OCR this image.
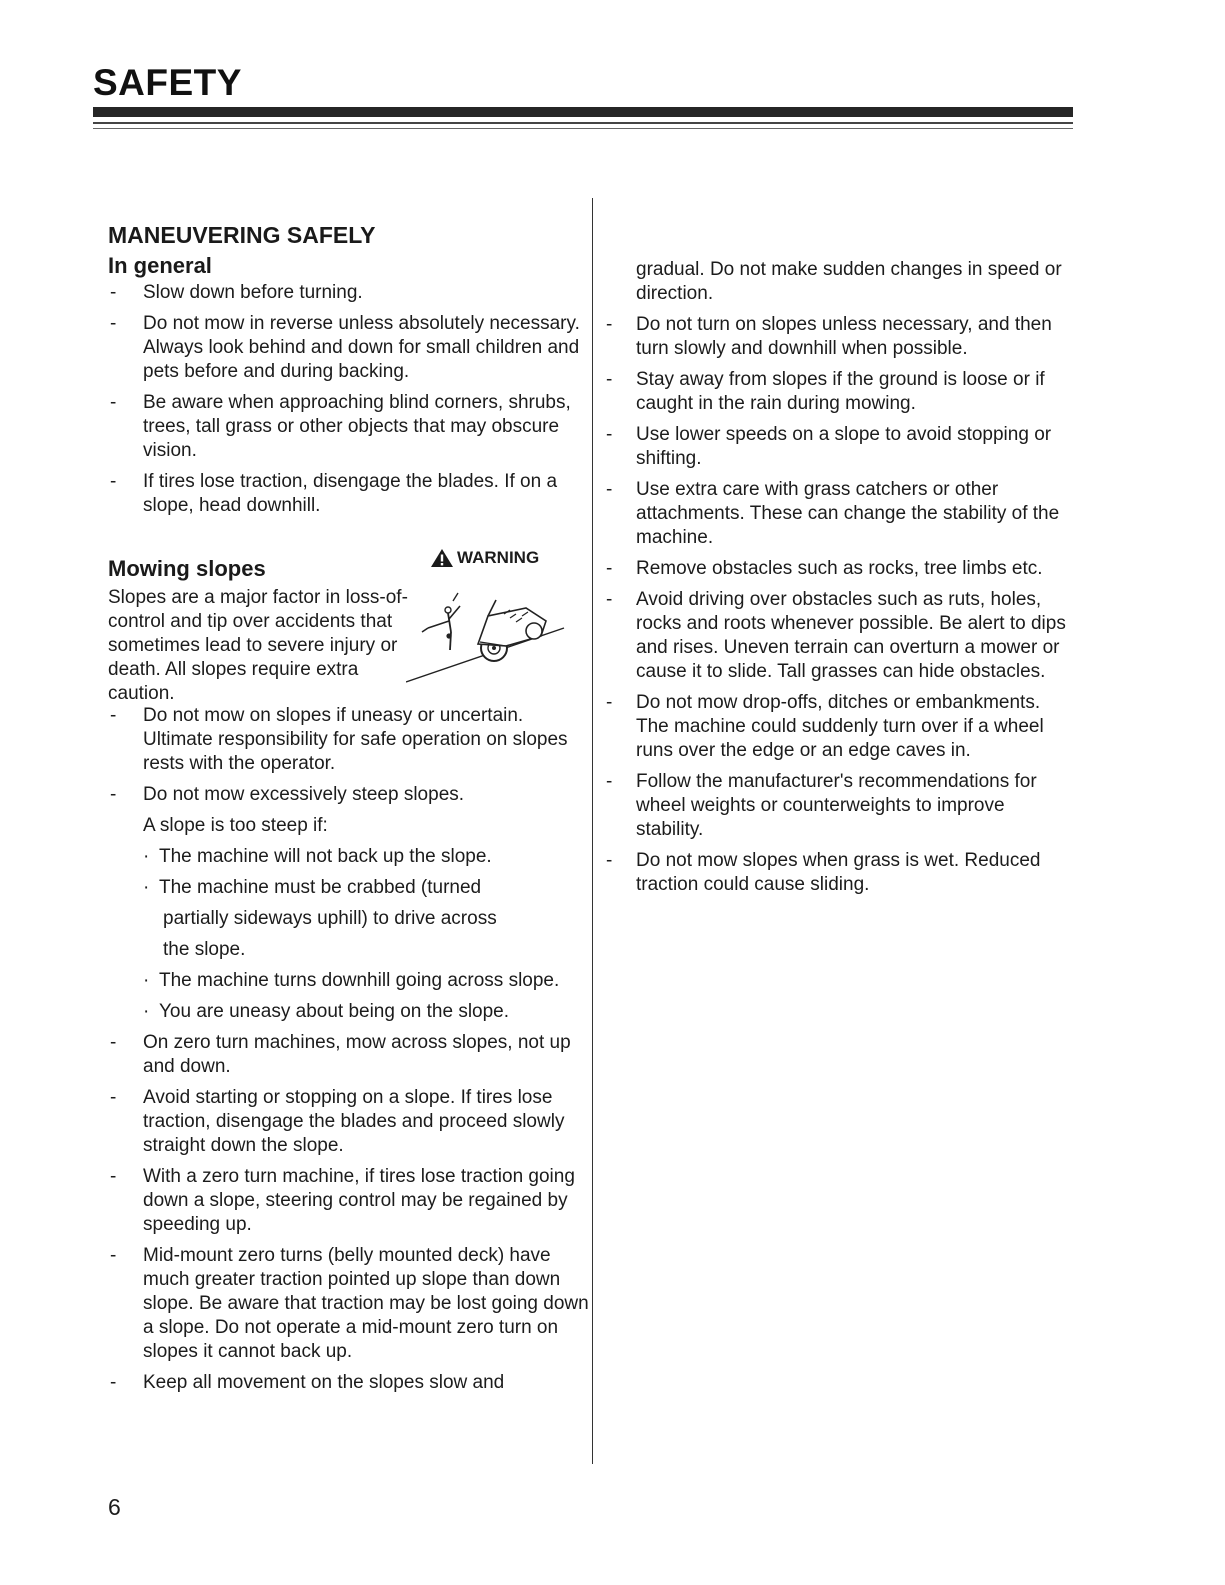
SAFETY
MANEUVERING SAFELY
In general
-	Slow down before turning.
-	Do not mow in reverse unless absolutely necessary. Always look behind and down for small children and pets before and during backing.
-	Be aware when approaching blind corners, shrubs, trees, tall grass or other objects that may obscure vision.
-	If tires lose traction, disengage the blades. If on a slope, head downhill.
Mowing slopes	WARNING
Slopes are a major factor in loss-of-control and tip over accidents that sometimes lead to severe injury or death. All slopes require extra caution.
-	Do not mow on slopes if uneasy or uncertain. Ultimate responsibility for safe operation on slopes rests with the operator.
-	Do not mow excessively steep slopes.
A slope is too steep if:
· The machine will not back up the slope.
· The machine must be crabbed (turned
partially sideways uphill) to drive across
the slope.
· The machine turns downhill going across slope.
· You are uneasy about being on the slope.
-	On zero turn machines, mow across slopes, not up and down.
-	Avoid starting or stopping on a slope. If tires lose traction, disengage the blades and proceed slowly straight down the slope.
-	With a zero turn machine, if tires lose traction going down a slope, steering control may be regained by speeding up.
-	Mid-mount zero turns (belly mounted deck) have much greater traction pointed up slope than down slope. Be aware that traction may be lost going down a slope. Do not operate a mid-mount zero turn on slopes it cannot back up.
-	Keep all movement on the slopes slow and
gradual. Do not make sudden changes in speed or direction.
-	Do not turn on slopes unless necessary, and then turn slowly and downhill when possible.
-	Stay away from slopes if the ground is loose or if caught in the rain during mowing.
-	Use lower speeds on a slope to avoid stopping or shifting.
-	Use extra care with grass catchers or other attachments. These can change the stability of the machine.
-	Remove obstacles such as rocks, tree limbs etc.
-	Avoid driving over obstacles such as ruts, holes, rocks and roots whenever possible. Be alert to dips and rises. Uneven terrain can overturn a mower or cause it to slide. Tall grasses can hide obstacles.
-	Do not mow drop-offs, ditches or embankments. The machine could suddenly turn over if a wheel runs over the edge or an edge caves in.
-	Follow the manufacturer's recommendations for wheel weights or counterweights to improve stability.
-	Do not mow slopes when grass is wet. Reduced traction could cause sliding.
6
